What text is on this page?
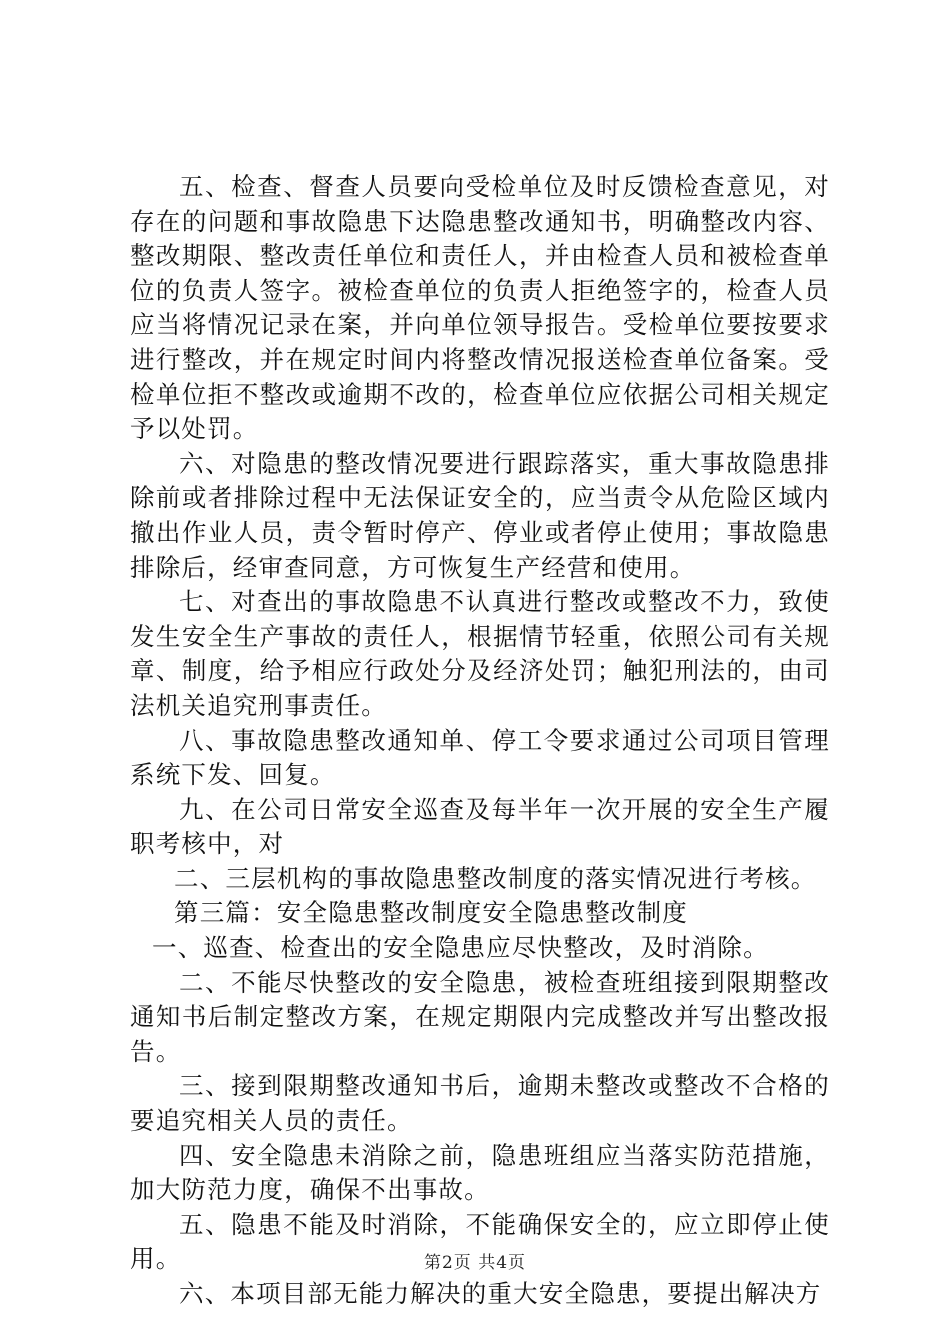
五、检查、督查人员要向受检单位及时反馈检查意见，对存在的问题和事故隐患下达隐患整改通知书，明确整改内容、整改期限、整改责任单位和责任人，并由检查人员和被检查单位的负责人签字。被检查单位的负责人拒绝签字的，检查人员应当将情况记录在案，并向单位领导报告。受检单位要按要求进行整改，并在规定时间内将整改情况报送检查单位备案。受检单位拒不整改或逾期不改的，检查单位应依据公司相关规定予以处罚。

六、对隐患的整改情况要进行跟踪落实，重大事故隐患排除前或者排除过程中无法保证安全的，应当责令从危险区域内撤出作业人员，责令暂时停产、停业或者停止使用；事故隐患排除后，经审查同意，方可恢复生产经营和使用。

七、对查出的事故隐患不认真进行整改或整改不力，致使发生安全生产事故的责任人，根据情节轻重，依照公司有关规章、制度，给予相应行政处分及经济处罚；触犯刑法的，由司法机关追究刑事责任。

八、事故隐患整改通知单、停工令要求通过公司项目管理系统下发、回复。

九、在公司日常安全巡查及每半年一次开展的安全生产履职考核中，对

二、三层机构的事故隐患整改制度的落实情况进行考核。

第三篇：安全隐患整改制度安全隐患整改制度

一、巡查、检查出的安全隐患应尽快整改，及时消除。

二、不能尽快整改的安全隐患，被检查班组接到限期整改通知书后制定整改方案，在规定期限内完成整改并写出整改报告。

三、接到限期整改通知书后，逾期未整改或整改不合格的要追究相关人员的责任。

四、安全隐患未消除之前，隐患班组应当落实防范措施，加大防范力度，确保不出事故。

五、隐患不能及时消除，不能确保安全的，应立即停止使用。

六、本项目部无能力解决的重大安全隐患，要提出解决方

第2页 共4页
